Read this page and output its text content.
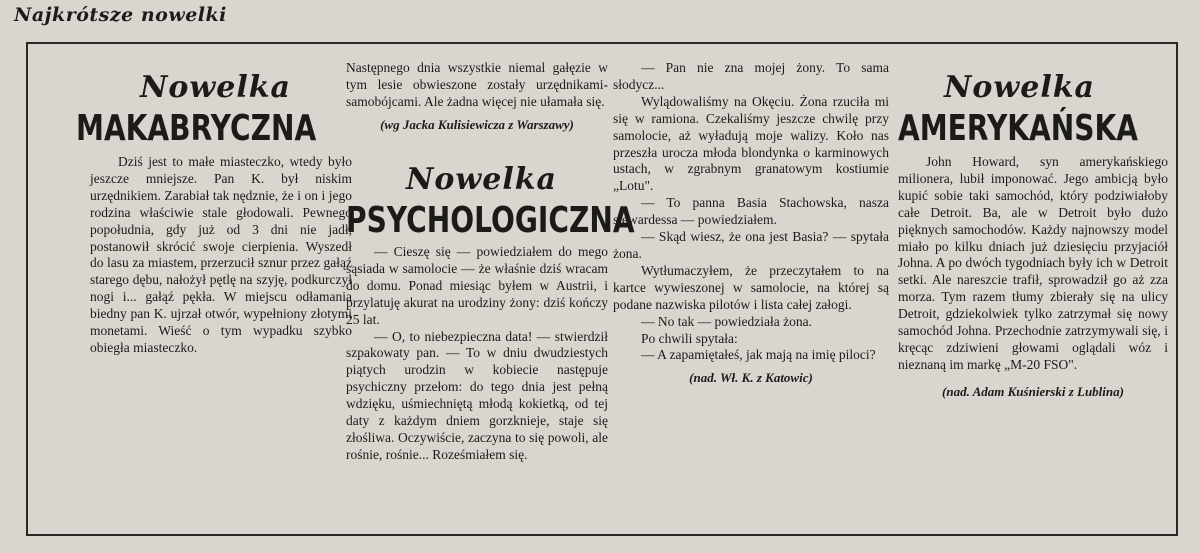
Najkrótsze nowelki
Nowelka
MAKABRYCZNA

Dziś jest to małe miasteczko, wtedy było jeszcze mniejsze. Pan K. był niskim urzędnikiem. Zarabiał tak nędznie, że i on i jego rodzina właściwie stale głodowali. Pewnego popołudnia, gdy już od 3 dni nie jadł, postanowił skrócić swoje cierpienia. Wyszedł do lasu za miastem, przerzucił sznur przez gałąź starego dębu, nałożył pętlę na szyję, podkurczył nogi i... gałąź pękła. W miejscu odłamania biedny pan K. ujrzał otwór, wypełniony złotymi monetami. Wieść o tym wypadku szybko obiegła miasteczko.

Następnego dnia wszystkie niemal gałęzie w tym lesie obwieszone zostały urzędnikami-samobójcami. Ale żadna więcej nie ułamała się.

(wg Jacka Kulisiewicza z Warszawy)
Nowelka
PSYCHOLOGICZNA

— Cieszę się — powiedziałem do mego sąsiada w samolocie — że właśnie dziś wracam do domu. Ponad miesiąc byłem w Austrii, i przylatuję akurat na urodziny żony: dziś kończy 25 lat.

— O, to niebezpieczna data! — stwierdził szpakowaty pan. — To w dniu dwudziestych piątych urodzin w kobiecie następuje psychiczny przełom: do tego dnia jest pełną wdzięku, uśmiechniętą młodą kokietką, od tej daty z każdym dniem gorzknieje, staje się złośliwa. Oczywiście, zaczyna to się powoli, ale rośnie, rośnie... Roześmiałem się.

— Pan nie zna mojej żony. To sama słodycz...

Wylądowaliśmy na Okęciu. Żona rzuciła mi się w ramiona. Czekaliśmy jeszcze chwilę przy samolocie, aż wyładują moje walizy. Koło nas przeszła urocza młoda blondynka o karminowych ustach, w zgrabnym granatowym kostiumie „Lotu".

— To panna Basia Stachowska, nasza stewardessa — powiedziałem.

— Skąd wiesz, że ona jest Basia? — spytała żona.

Wytłumaczyłem, że przeczytałem to na kartce wywieszonej w samolocie, na której są podane nazwiska pilotów i lista całej załogi.

— No tak — powiedziała żona.

Po chwili spytała:

— A zapamiętałeś, jak mają na imię piloci?

(nad. Wł. K. z Katowic)
Nowelka
AMERYKAŃSKA

John Howard, syn amerykańskiego milionera, lubił imponować. Jego ambicją było kupić sobie taki samochód, który podziwiałoby całe Detroit. Ba, ale w Detroit było dużo pięknych samochodów. Każdy najnowszy model miało po kilku dniach już dziesięciu przyjaciół Johna. A po dwóch tygodniach były ich w Detroit setki. Ale nareszcie trafił, sprowadził go aż zza morza. Tym razem tłumy zbierały się na ulicy Detroit, gdziekolwiek tylko zatrzymał się nowy samochód Johna. Przechodnie zatrzymywali się, i kręcąc zdziwieni głowami oglądali wóz i nieznaną im markę „M-20 FSO".

(nad. Adam Kuśnierski z Lublina)
